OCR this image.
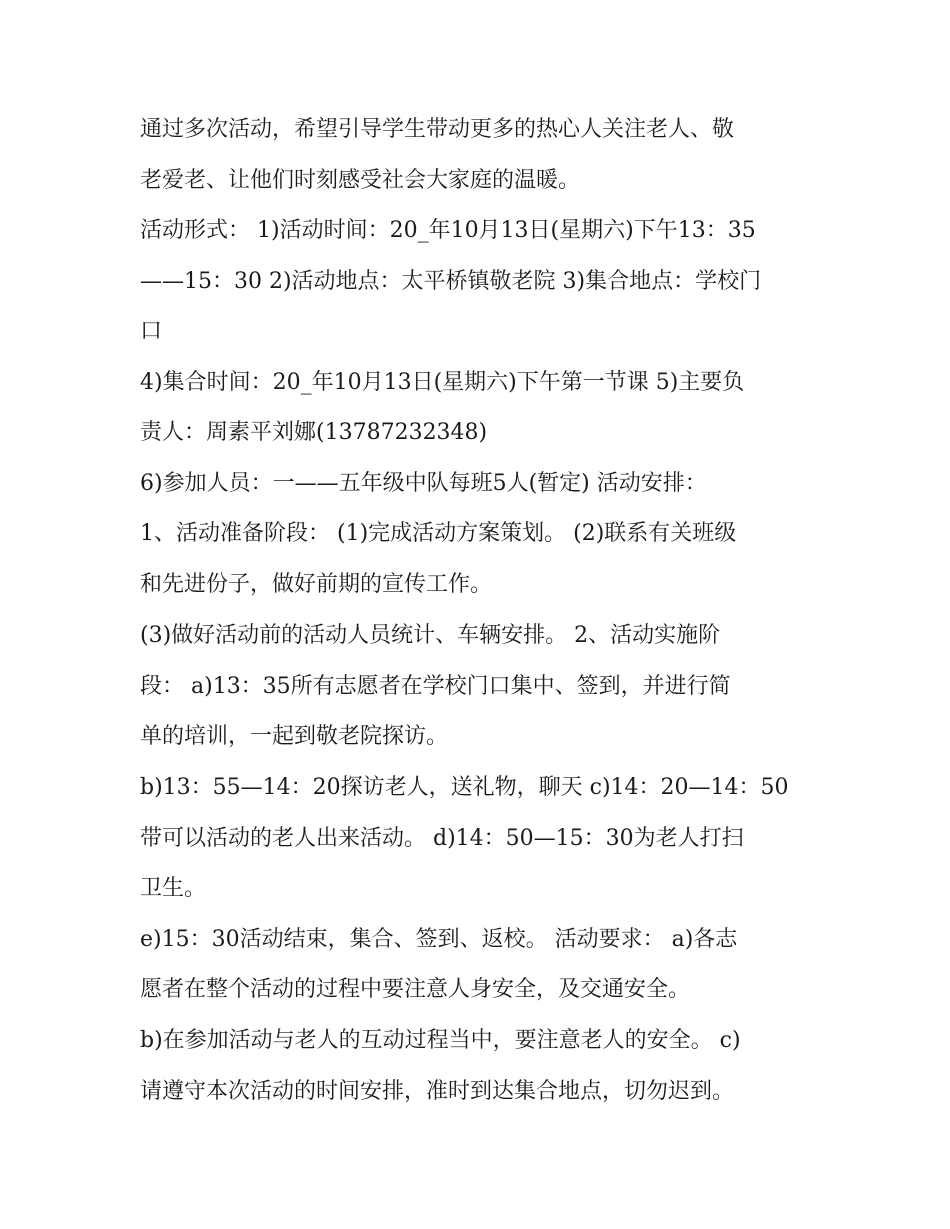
通过多次活动，希望引导学生带动更多的热心人关注老人、敬
老爱老、让他们时刻感受社会大家庭的温暖。
活动形式： 1)活动时间：20_年10月13日(星期六)下午13：35
——15：30 2)活动地点：太平桥镇敬老院 3)集合地点：学校门
口
4)集合时间：20_年10月13日(星期六)下午第一节课 5)主要负
责人：周素平刘娜(13787232348)
6)参加人员：一——五年级中队每班5人(暂定) 活动安排：
1、活动准备阶段： (1)完成活动方案策划。 (2)联系有关班级
和先进份子，做好前期的宣传工作。
(3)做好活动前的活动人员统计、车辆安排。 2、活动实施阶
段： a)13：35所有志愿者在学校门口集中、签到，并进行简
单的培训，一起到敬老院探访。
b)13：55—14：20探访老人，送礼物，聊天 c)14：20—14：50
带可以活动的老人出来活动。 d)14：50—15：30为老人打扫
卫生。
e)15：30活动结束，集合、签到、返校。 活动要求： a)各志
愿者在整个活动的过程中要注意人身安全，及交通安全。
b)在参加活动与老人的互动过程当中，要注意老人的安全。 c)
请遵守本次活动的时间安排，准时到达集合地点，切勿迟到。
